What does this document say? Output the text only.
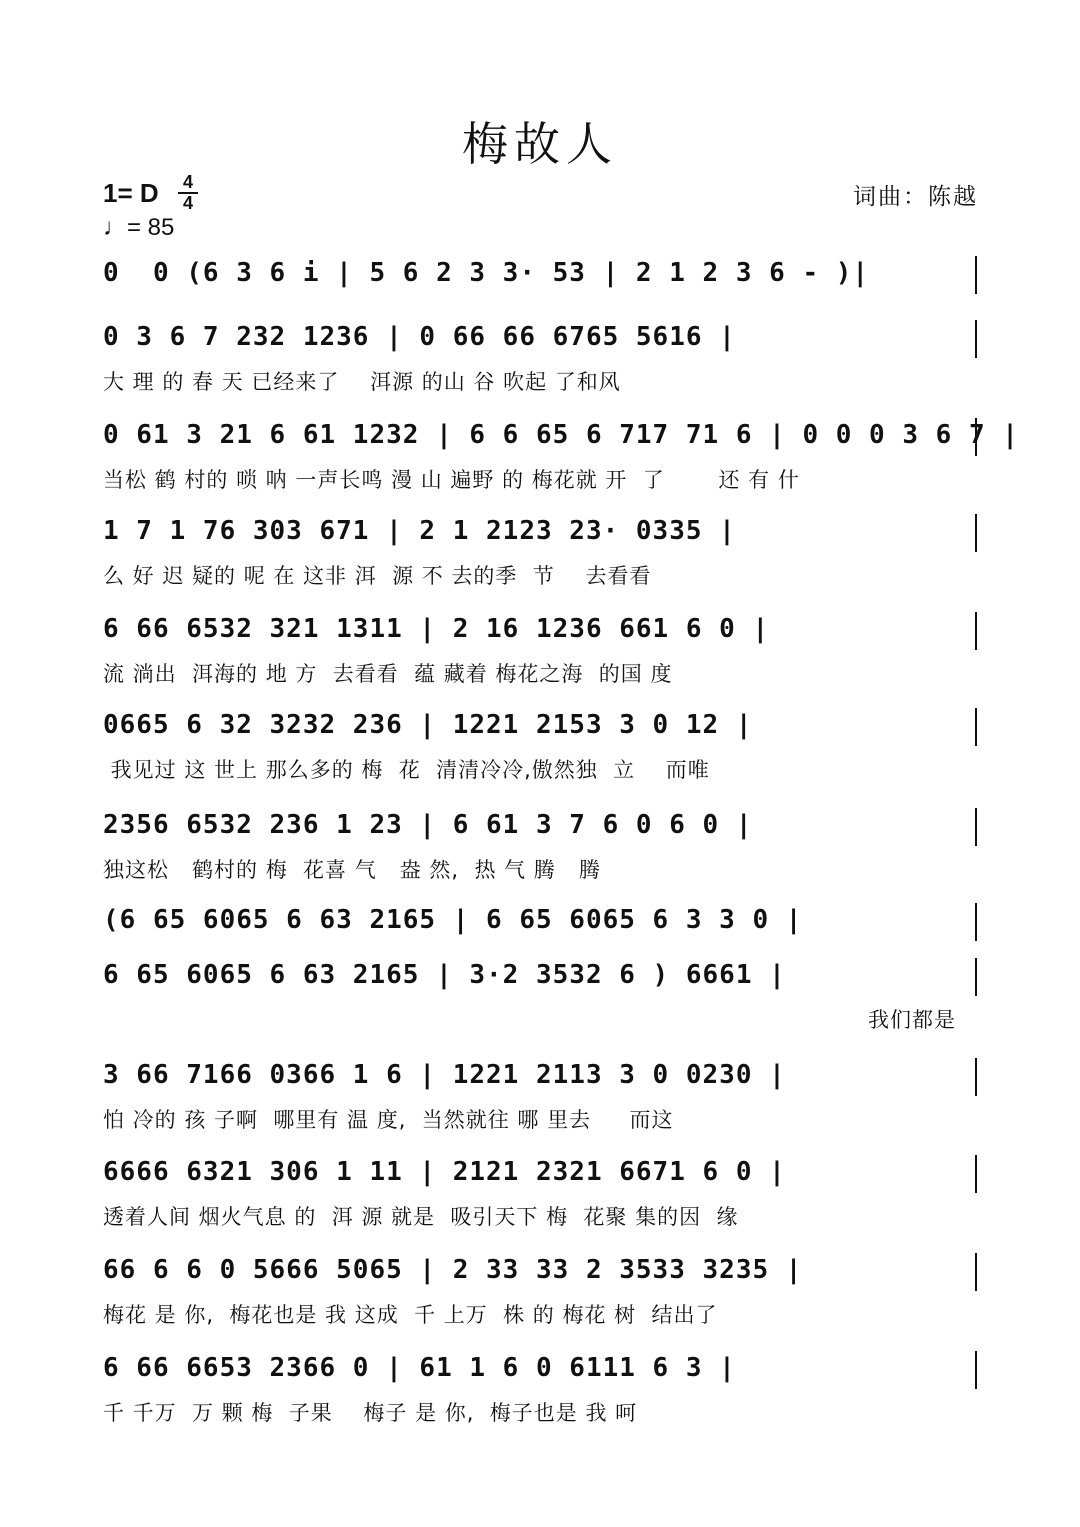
梅故人
1= D 4
4
♩= 85
词曲：陈越
0  0 (6 3 6 i | 5 6 2 3 3· 53 | 2 1 2 3 6 - )|
0 3 6 7 232 1236 | 0 66 66 6765 5616 |
大 理 的 春 天 已经来了    洱源 的山 谷 吹起 了和风
0 61 3 21 6 61 1232 | 6 6 65 6 717 71 6 | 0 0 0 3 6 7 |
当松 鹤 村的 唢 呐 一声长鸣 漫 山 遍野 的 梅花就 开  了       还 有 什
1 7 1 76 303 671 | 2 1 2123 23· 0335 |
么 好 迟 疑的 呢 在 这非 洱  源 不 去的季  节    去看看
6 66 6532 321 1311 | 2 16 1236 661 6 0 |
流 淌出  洱海的 地 方  去看看  蕴 藏着 梅花之海  的国 度
0665 6 32 3232 236 | 1221 2153 3 0 12 |
我见过 这 世上 那么多的 梅  花  清清冷冷,傲然独  立    而唯
2356 6532 236 1 23 | 6 61 3 7 6 0 6 0 |
独这松   鹤村的 梅  花喜 气   盎 然,  热 气 腾   腾
(6 65 6065 6 63 2165 | 6 65 6065 6 3 3 0 |
6 65 6065 6 63 2165 | 3·2 3532 6 ) 6661 |
我们都是
3 66 7166 0366 1 6 | 1221 2113 3 0 0230 |
怕 冷的 孩 子啊  哪里有 温 度,  当然就往 哪 里去     而这
6666 6321 306 1 11 | 2121 2321 6671 6 0 |
透着人间 烟火气息 的  洱 源 就是  吸引天下 梅  花聚 集的因  缘
66 6 6 0 5666 5065 | 2 33 33 2 3533 3235 |
梅花 是 你,  梅花也是 我 这成  千 上万  株 的 梅花 树  结出了
6 66 6653 2366 0 | 61 1 6 0 6111 6 3 |
千 千万  万 颗 梅  子果    梅子 是 你,  梅子也是 我 呵
